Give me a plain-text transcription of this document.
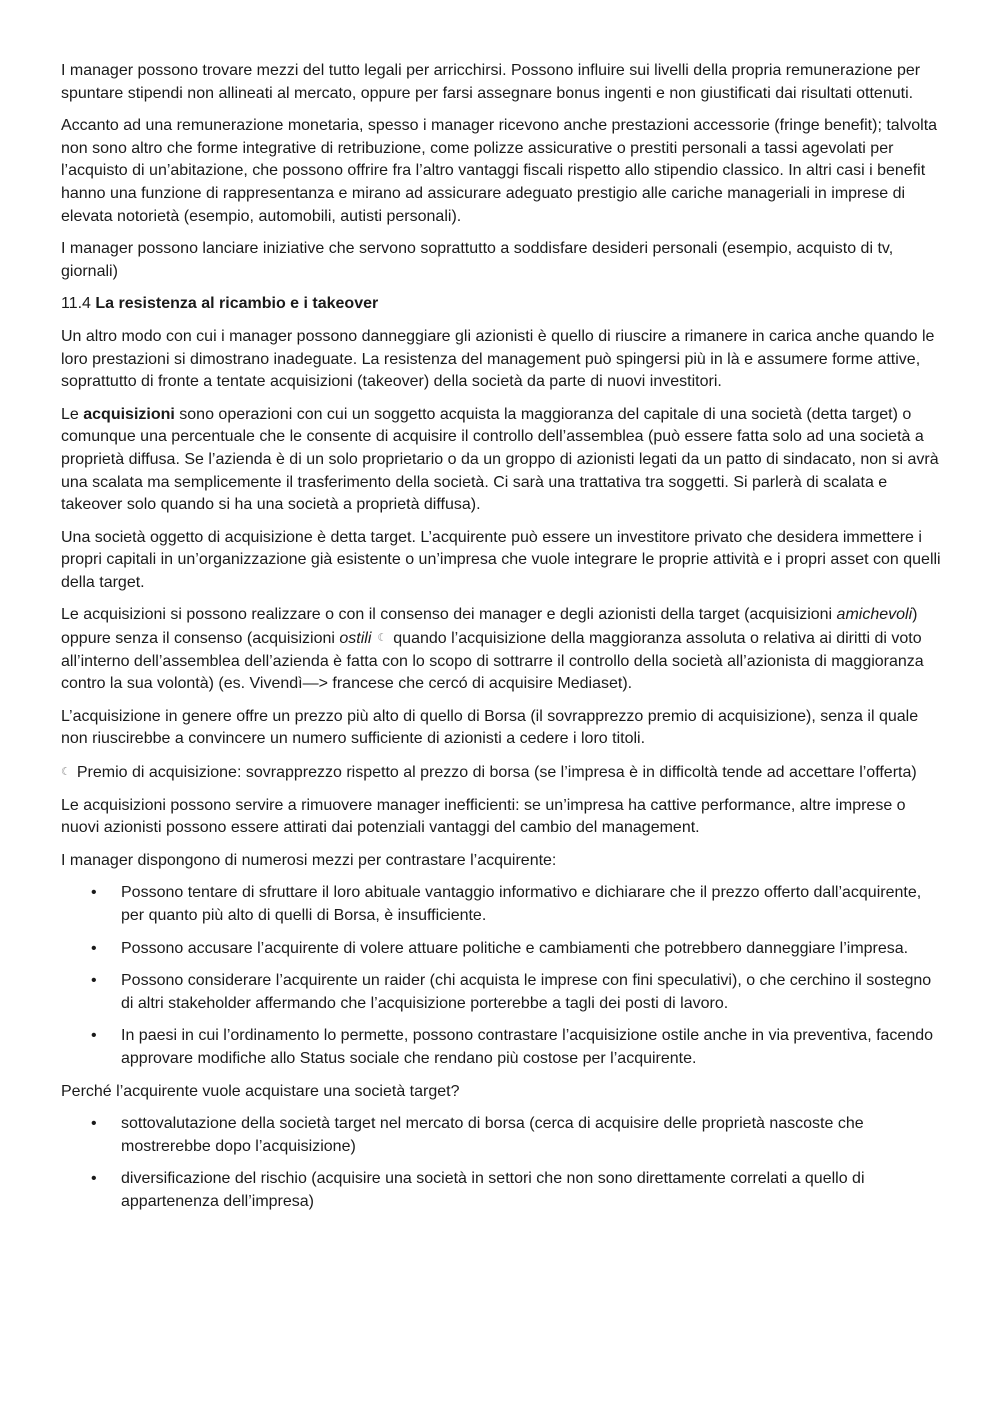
I manager possono trovare mezzi del tutto legali per arricchirsi. Possono influire sui livelli della propria remunerazione per spuntare stipendi non allineati al mercato, oppure per farsi assegnare bonus ingenti e non giustificati dai risultati ottenuti.

Accanto ad una remunerazione monetaria, spesso i manager ricevono anche prestazioni accessorie (fringe benefit); talvolta non sono altro che forme integrative di retribuzione, come polizze assicurative o prestiti personali a tassi agevolati per l’acquisto di un’abitazione, che possono offrire fra l’altro vantaggi fiscali rispetto allo stipendio classico. In altri casi i benefit hanno una funzione di rappresentanza e mirano ad assicurare adeguato prestigio alle cariche manageriali in imprese di elevata notorietà (esempio, automobili, autisti personali).

I manager possono lanciare iniziative che servono soprattutto a soddisfare desideri personali (esempio, acquisto di tv, giornali)

11.4 La resistenza al ricambio e i takeover

Un altro modo con cui i manager possono danneggiare gli azionisti è quello di riuscire a rimanere in carica anche quando le loro prestazioni si dimostrano inadeguate. La resistenza del management può spingersi più in là e assumere forme attive, soprattutto di fronte a tentate acquisizioni (takeover) della società da parte di nuovi investitori.

Le acquisizioni sono operazioni con cui un soggetto acquista la maggioranza del capitale di una società (detta target) o comunque una percentuale che le consente di acquisire il controllo dell’assemblea (può essere fatta solo ad una società a proprietà diffusa. Se l’azienda è di un solo proprietario o da un groppo di azionisti legati da un patto di sindacato, non si avrà una scalata ma semplicemente il trasferimento della società. Ci sarà una trattativa tra soggetti. Si parlerà di scalata e takeover solo quando si ha una società a proprietà diffusa).

Una società oggetto di acquisizione è detta target. L’acquirente può essere un investitore privato che desidera immettere i propri capitali in un’organizzazione già esistente o un’impresa che vuole integrare le proprie attività e i propri asset con quelli della target.

Le acquisizioni si possono realizzare o con il consenso dei manager e degli azionisti della target (acquisizioni amichevoli) oppure senza il consenso (acquisizioni ostili ☾ quando l’acquisizione della maggioranza assoluta o relativa ai diritti di voto all’interno dell’assemblea dell’azienda è fatta con lo scopo di sottrarre il controllo della società all’azionista di maggioranza contro la sua volontà) (es. Vivendì—> francese che cercó di acquisire Mediaset).

L’acquisizione in genere offre un prezzo più alto di quello di Borsa (il sovrapprezzo premio di acquisizione), senza il quale non riuscirebbe a convincere un numero sufficiente di azionisti a cedere i loro titoli.

☾ Premio di acquisizione: sovrapprezzo rispetto al prezzo di borsa (se l’impresa è in difficoltà tende ad accettare l’offerta)

Le acquisizioni possono servire a rimuovere manager inefficienti: se un’impresa ha cattive performance, altre imprese o nuovi azionisti possono essere attirati dai potenziali vantaggi del cambio del management.

I manager dispongono di numerosi mezzi per contrastare l’acquirente:

• Possono tentare di sfruttare il loro abituale vantaggio informativo e dichiarare che il prezzo offerto dall’acquirente, per quanto più alto di quelli di Borsa, è insufficiente.
• Possono accusare l’acquirente di volere attuare politiche e cambiamenti che potrebbero danneggiare l’impresa.
• Possono considerare l’acquirente un raider (chi acquista le imprese con fini speculativi), o che cerchino il sostegno di altri stakeholder affermando che l’acquisizione porterebbe a tagli dei posti di lavoro.
• In paesi in cui l’ordinamento lo permette, possono contrastare l’acquisizione ostile anche in via preventiva, facendo approvare modifiche allo Status sociale che rendano più costose per l’acquirente.

Perché l’acquirente vuole acquistare una società target?

• sottovalutazione della società target nel mercato di borsa (cerca di acquisire delle proprietà nascoste che mostrerebbe dopo l’acquisizione)
• diversificazione del rischio (acquisire una società in settori che non sono direttamente correlati a quello di appartenenza dell’impresa)
